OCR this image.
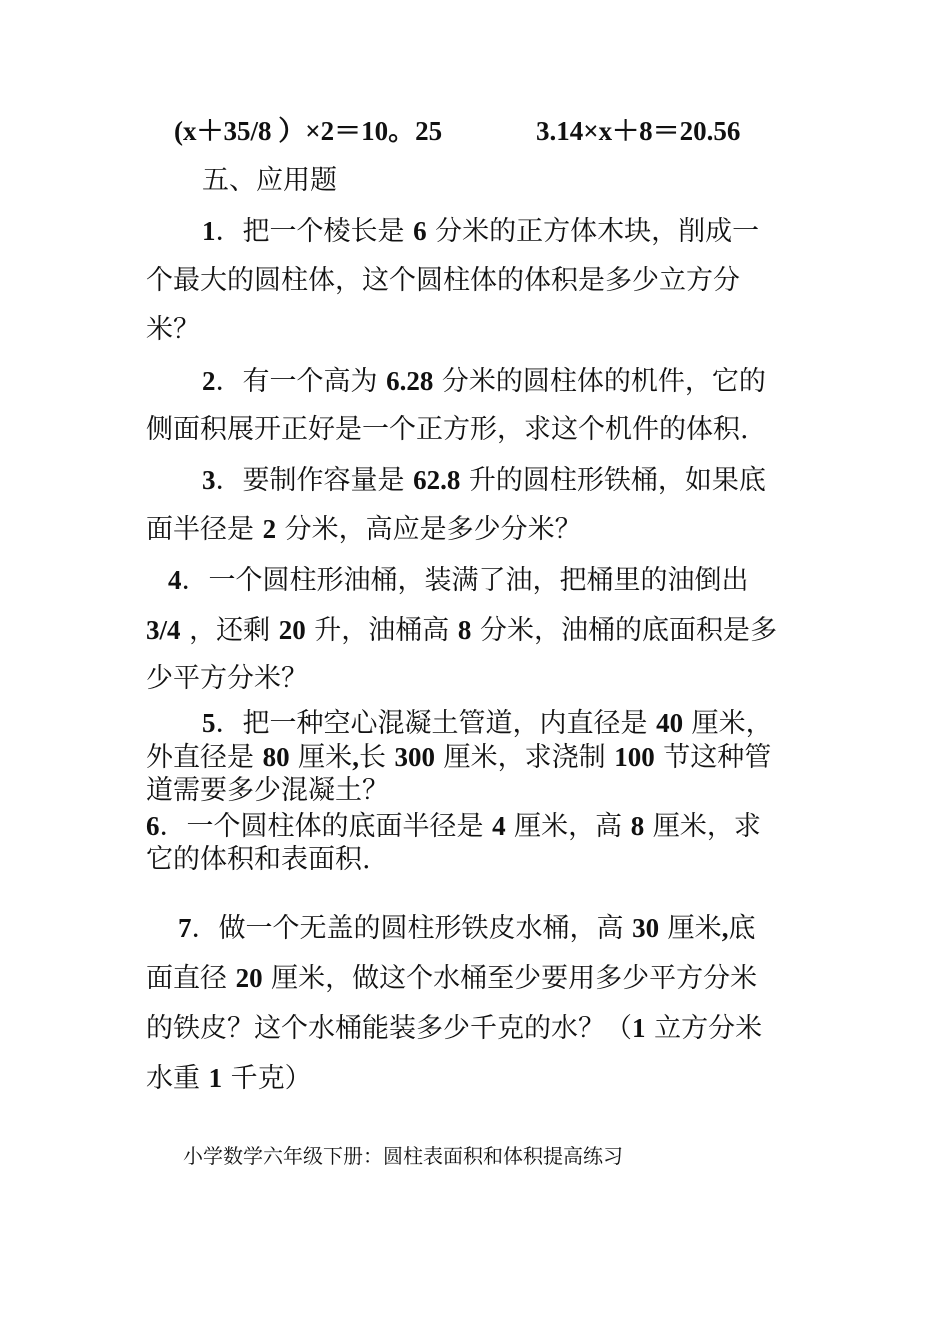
(x＋35/8 ）×2＝10。25	3.14×x＋8＝20.56

五、应用题

1．把一个棱长是 6 分米的正方体木块，削成一

个最大的圆柱体，这个圆柱体的体积是多少立方分

米？

2．有一个高为 6.28 分米的圆柱体的机件，它的

侧面积展开正好是一个正方形，求这个机件的体积.

3．要制作容量是 62.8 升的圆柱形铁桶，如果底

面半径是 2 分米，高应是多少分米？

4．一个圆柱形油桶，装满了油，把桶里的油倒出

3/4 ，还剩 20 升，油桶高 8 分米，油桶的底面积是多

少平方分米？

5．把一种空心混凝土管道，内直径是 40 厘米，

外直径是 80 厘米,长 300 厘米，求浇制 100 节这种管

道需要多少混凝土？

6．一个圆柱体的底面半径是 4 厘米，高 8 厘米，求

它的体积和表面积.

7．做一个无盖的圆柱形铁皮水桶，高 30 厘米,底

面直径 20 厘米，做这个水桶至少要用多少平方分米

的铁皮？这个水桶能装多少千克的水？（1 立方分米

水重 1 千克）

小学数学六年级下册：圆柱表面积和体积提高练习
